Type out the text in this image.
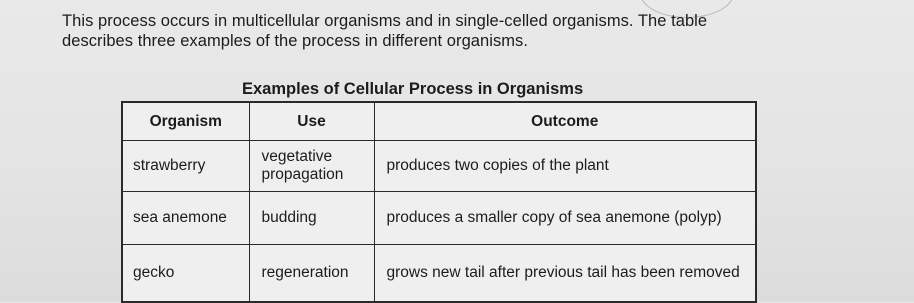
This process occurs in multicellular organisms and in single-celled organisms. The table

describes three examples of the process in different organisms.

Examples of Cellular Process in Organisms
Organism	Use	Outcome
strawberry	vegetative propagation	produces two copies of the plant
sea anemone	budding	produces a smaller copy of sea anemone (polyp)
gecko	regeneration	grows new tail after previous tail has been removed
